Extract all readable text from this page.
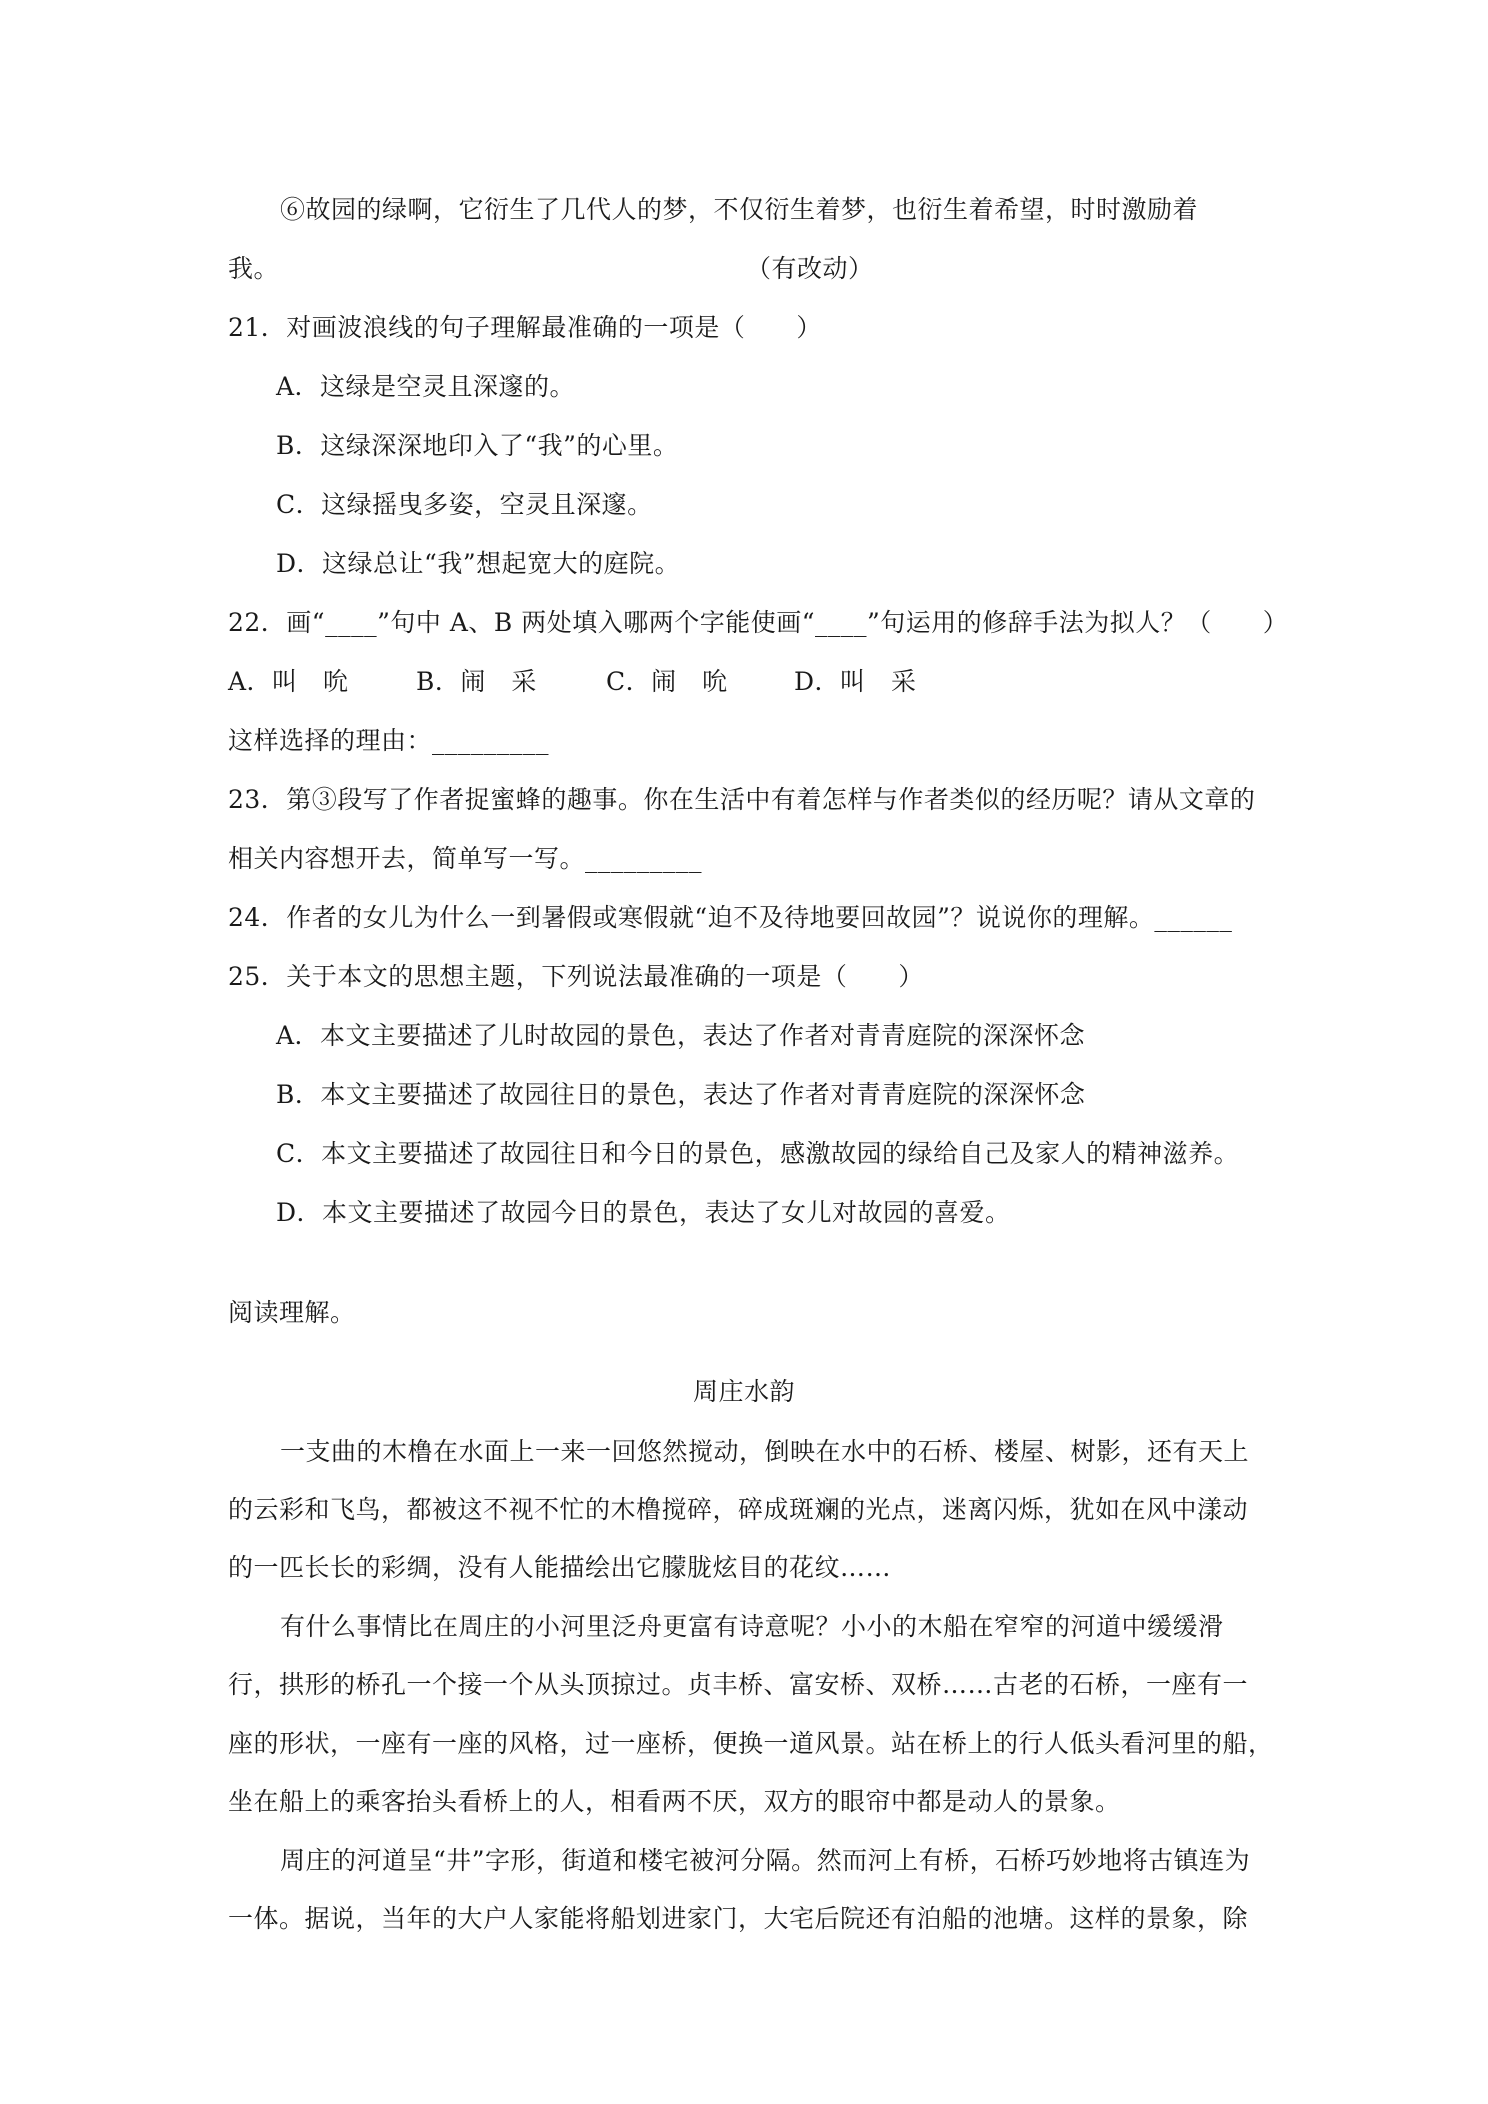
⑥故园的绿啊，它衍生了几代人的梦，不仅衍生着梦，也衍生着希望，时时激励着
我。	（有改动）
21．对画波浪线的句子理解最准确的一项是（　　）
A．这绿是空灵且深邃的。
B．这绿深深地印入了“我”的心里。
C．这绿摇曳多姿，空灵且深邃。
D．这绿总让“我”想起宽大的庭院。
22．画“____”句中 A、B 两处填入哪两个字能使画“____”句运用的修辞手法为拟人？（　　）
A．叫　吮	B．闹　采	C．闹　吮	D．叫　采
这样选择的理由：_________
23．第③段写了作者捉蜜蜂的趣事。你在生活中有着怎样与作者类似的经历呢？请从文章的
相关内容想开去，简单写一写。_________
24．作者的女儿为什么一到暑假或寒假就“迫不及待地要回故园”？说说你的理解。______
25．关于本文的思想主题，下列说法最准确的一项是（　　）
A．本文主要描述了儿时故园的景色，表达了作者对青青庭院的深深怀念
B．本文主要描述了故园往日的景色，表达了作者对青青庭院的深深怀念
C．本文主要描述了故园往日和今日的景色，感激故园的绿给自己及家人的精神滋养。
D．本文主要描述了故园今日的景色，表达了女儿对故园的喜爱。
阅读理解。
周庄水韵
一支曲的木橹在水面上一来一回悠然搅动，倒映在水中的石桥、楼屋、树影，还有天上
的云彩和飞鸟，都被这不视不忙的木橹搅碎，碎成斑斓的光点，迷离闪烁，犹如在风中漾动
的一匹长长的彩绸，没有人能描绘出它朦胧炫目的花纹……
有什么事情比在周庄的小河里泛舟更富有诗意呢？小小的木船在窄窄的河道中缓缓滑
行，拱形的桥孔一个接一个从头顶掠过。贞丰桥、富安桥、双桥……古老的石桥，一座有一
座的形状，一座有一座的风格，过一座桥，便换一道风景。站在桥上的行人低头看河里的船，
坐在船上的乘客抬头看桥上的人，相看两不厌，双方的眼帘中都是动人的景象。
周庄的河道呈“井”字形，街道和楼宅被河分隔。然而河上有桥，石桥巧妙地将古镇连为
一体。据说，当年的大户人家能将船划进家门，大宅后院还有泊船的池塘。这样的景象，除
